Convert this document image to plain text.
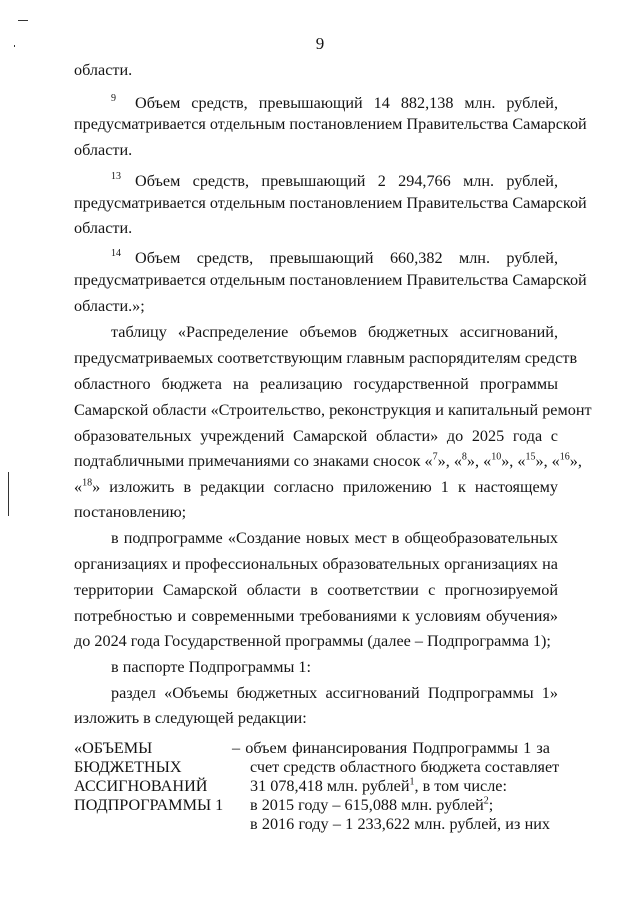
9
области.
9 Объем средств, превышающий 14 882,138 млн. рублей,
предусматривается отдельным постановлением Правительства Самарской
области.
13 Объем средств, превышающий 2 294,766 млн. рублей,
предусматривается отдельным постановлением Правительства Самарской
области.
14 Объем средств, превышающий 660,382 млн. рублей,
предусматривается отдельным постановлением Правительства Самарской
области.»;
таблицу «Распределение объемов бюджетных ассигнований,
предусматриваемых соответствующим главным распорядителям средств
областного бюджета на реализацию государственной программы
Самарской области «Строительство, реконструкция и капитальный ремонт
образовательных учреждений Самарской области» до 2025 года с
подтабличными примечаниями со знаками сносок «$^7$», «$^8$», «$^{10}$», «$^{15}$», «$^{16}$»,
«$^{18}$» изложить в редакции согласно приложению 1 к настоящему
постановлению;
в подпрограмме «Создание новых мест в общеобразовательных
организациях и профессиональных образовательных организациях на
территории Самарской области в соответствии с прогнозируемой
потребностью и современными требованиями к условиям обучения»
до 2024 года Государственной программы (далее – Подпрограмма 1);
в паспорте Подпрограммы 1:
раздел «Объемы бюджетных ассигнований Подпрограммы 1»
изложить в следующей редакции:
«ОБЪЕМЫ
БЮДЖЕТНЫХ
АССИГНОВАНИЙ
ПОДПРОГРАММЫ 1
– объем финансирования Подпрограммы 1 за
счет средств областного бюджета составляет
31 078,418 млн. рублей$^1$, в том числе:
в 2015 году – 615,088 млн. рублей$^2$;
в 2016 году – 1 233,622 млн. рублей, из них
